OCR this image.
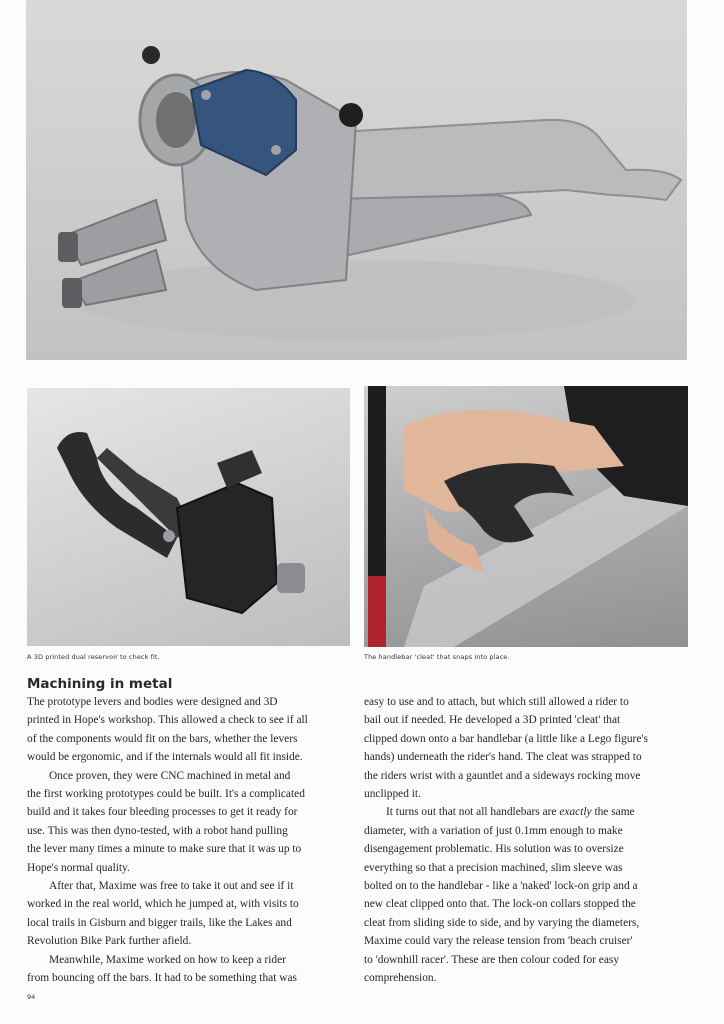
A 3D printed dual reservoir to check fit.	The handlebar 'cleat' that snaps into place.
Machining in metal

The prototype levers and bodies were designed and 3D
printed in Hope's workshop. This allowed a check to see if all
of the components would fit on the bars, whether the levers
would be ergonomic, and if the internals would all fit inside.

Once proven, they were CNC machined in metal and
the first working prototypes could be built. It's a complicated
build and it takes four bleeding processes to get it ready for
use. This was then dyno-tested, with a robot hand pulling
the lever many times a minute to make sure that it was up to
Hope's normal quality.

After that, Maxime was free to take it out and see if it
worked in the real world, which he jumped at, with visits to
local trails in Gisburn and bigger trails, like the Lakes and
Revolution Bike Park further afield.

Meanwhile, Maxime worked on how to keep a rider
from bouncing off the bars. It had to be something that was

easy to use and to attach, but which still allowed a rider to
bail out if needed. He developed a 3D printed 'cleat' that
clipped down onto a bar handlebar (a little like a Lego figure's
hands) underneath the rider's hand. The cleat was strapped to
the riders wrist with a gauntlet and a sideways rocking move
unclipped it.

It turns out that not all handlebars are exactly the same
diameter, with a variation of just 0.1mm enough to make
disengagement problematic. His solution was to oversize
everything so that a precision machined, slim sleeve was
bolted on to the handlebar - like a 'naked' lock-on grip and a
new cleat clipped onto that. The lock-on collars stopped the
cleat from sliding side to side, and by varying the diameters,
Maxime could vary the release tension from 'beach cruiser'
to 'downhill racer'. These are then colour coded for easy
comprehension.

94
